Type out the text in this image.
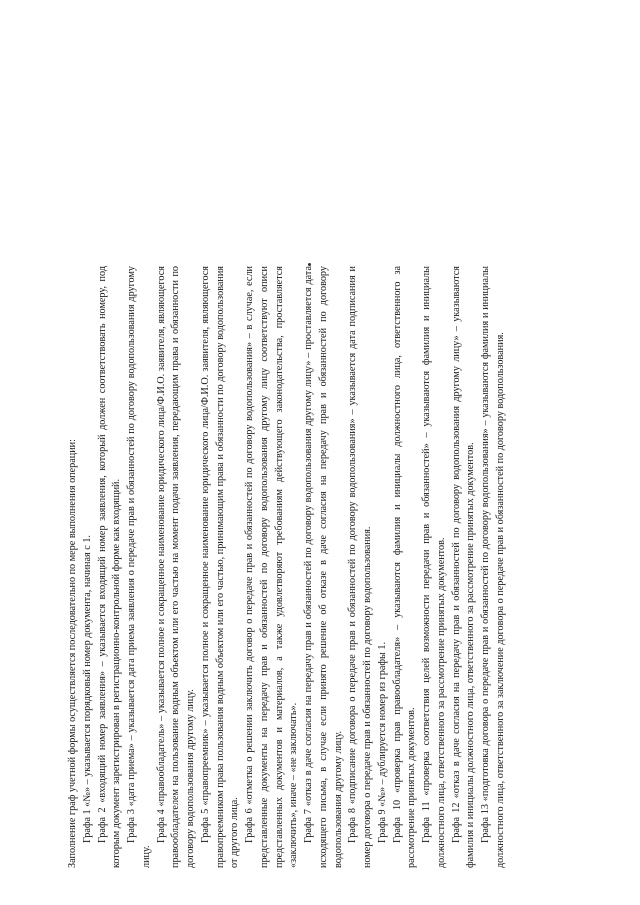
Заполнение граф учетной формы осуществляется последовательно по мере выполнения операции: Графа 1 «№» – указывается порядковый номер документа, начиная с 1. Графа 2 «входящий номер заявления» – указывается входящий номер заявления, который должен соответствовать номеру, под которым документ зарегистрирован в регистрационно-контрольной форме как входящий. Графа 3 «дата приема» – указывается дата приема заявления о передаче прав и обязанностей по договору водопользования другому лицу.

Графа 4 «правообладатель» – указывается полное и сокращенное наименование юридического лица/Ф.И.О. заявителя, являющегося правообладателем на пользование водным объектом или его частью на момент подачи заявления, передающим права и обязанности по договору водопользования другому лицу. Графа 5 «правопреемник» – указывается полное и сокращенное наименование юридического лица/Ф.И.О. заявителя, являющегося правопреемником права пользования водным объектом или его частью, принимающим права и обязанности по договору водопользования от другого лица. Графа 6 «отметка о решении заключить договор о передаче прав и обязанностей по договору водопользования» – в случае, если представленные документы на передачу прав и обязанностей по договору водопользования другому лицу соответствуют описи представленных документов и материалов, а также удовлетворяют требованиям действующего законодательства, проставляется «заключить», иначе – «не заключать». Графа 7 «отказ в даче согласия на передачу прав и обязанностей по договору водопользования другому лицу» – проставляется дата исходящего письма, в случае если принято решение об отказе в даче согласия на передачу прав и обязанностей по договору водопользования другому лицу. Графа 8 «подписание договора о передаче прав и обязанностей по договору водопользования» – указывается дата подписания и номер договора о передаче прав и обязанностей по договору водопользования. Графа 9 «№» – дублируется номер из графы 1. Графа 10 «проверка прав правообладателя» – указываются фамилия и инициалы должностного лица, ответственного за рассмотрение принятых документов. Графа 11 «проверка соответствия целей возможности передачи прав и обязанностей» – указываются фамилия и инициалы должностного лица, ответственного за рассмотрение принятых документов. Графа 12 «отказ в даче согласия на передачу прав и обязанностей по договору водопользования другому лицу» – указываются фамилия и инициалы должностного лица, ответственного за рассмотрение принятых документов. Графа 13 «подготовка договора о передаче прав и обязанностей по договору водопользования» – указываются фамилия и инициалы должностного лица, ответственного за заключение договора о передаче прав и обязанностей по договору водопользования.
